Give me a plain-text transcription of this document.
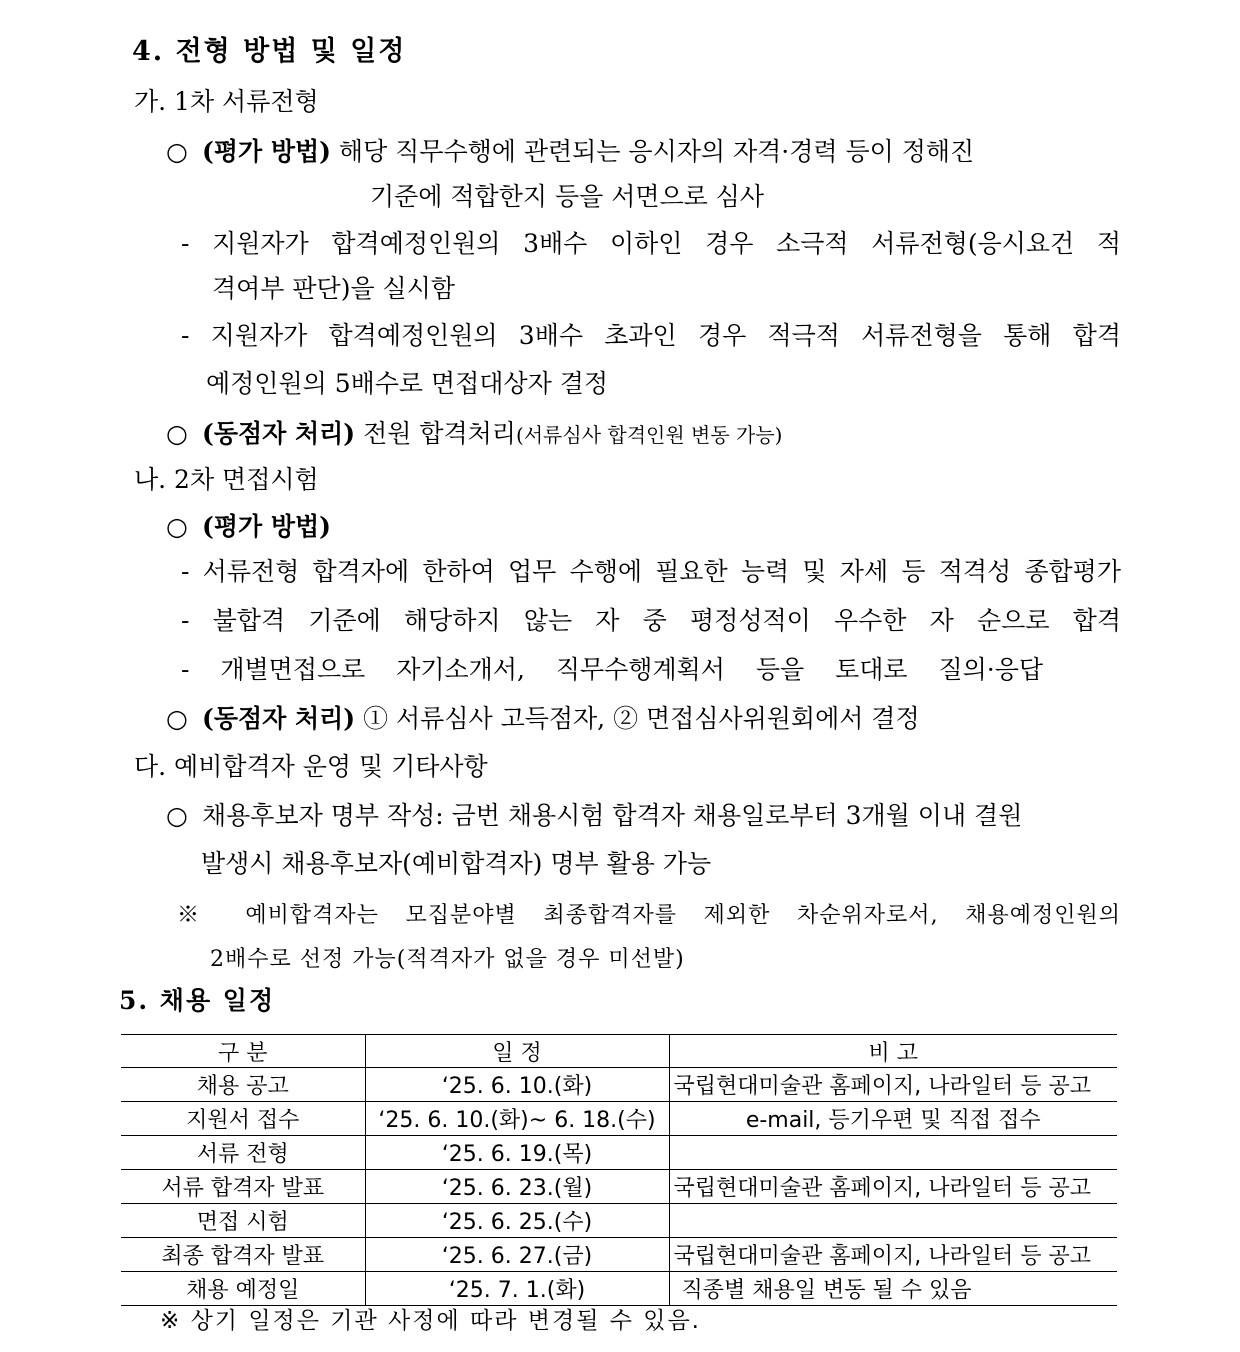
4. 전형 방법 및 일정
가. 1차 서류전형
○ (평가 방법) 해당 직무수행에 관련되는 응시자의 자격·경력 등이 정해진
기준에 적합한지 등을 서면으로 심사
- 지원자가 합격예정인원의 3배수 이하인 경우 소극적 서류전형(응시요건 적
격여부 판단)을 실시함
- 지원자가 합격예정인원의 3배수 초과인 경우 적극적 서류전형을 통해 합격
예정인원의 5배수로 면접대상자 결정
○ (동점자 처리) 전원 합격처리(서류심사 합격인원 변동 가능)
나. 2차 면접시험
○ (평가 방법)
- 서류전형 합격자에 한하여 업무 수행에 필요한 능력 및 자세 등 적격성 종합평가
- 불합격 기준에 해당하지 않는 자 중 평정성적이 우수한 자 순으로 합격
- 개별면접으로 자기소개서, 직무수행계획서 등을 토대로 질의·응답
○ (동점자 처리) ① 서류심사 고득점자, ② 면접심사위원회에서 결정
다. 예비합격자 운영 및 기타사항
○ 채용후보자 명부 작성: 금번 채용시험 합격자 채용일로부터 3개월 이내 결원
발생시 채용후보자(예비합격자) 명부 활용 가능
※ 예비합격자는 모집분야별 최종합격자를 제외한 차순위자로서, 채용예정인원의
2배수로 선정 가능(적격자가 없을 경우 미선발)
5. 채용 일정
구 분	일 정	비 고
채용 공고	‘25. 6. 10.(화)	국립현대미술관 홈페이지, 나라일터 등 공고
지원서 접수	‘25. 6. 10.(화)~ 6. 18.(수)	e-mail, 등기우편 및 직접 접수
서류 전형	‘25. 6. 19.(목)	
서류 합격자 발표	‘25. 6. 23.(월)	국립현대미술관 홈페이지, 나라일터 등 공고
면접 시험	‘25. 6. 25.(수)	
최종 합격자 발표	‘25. 6. 27.(금)	국립현대미술관 홈페이지, 나라일터 등 공고
채용 예정일	‘25. 7. 1.(화)	직종별 채용일 변동 될 수 있음
※ 상기 일정은 기관 사정에 따라 변경될 수 있음.
